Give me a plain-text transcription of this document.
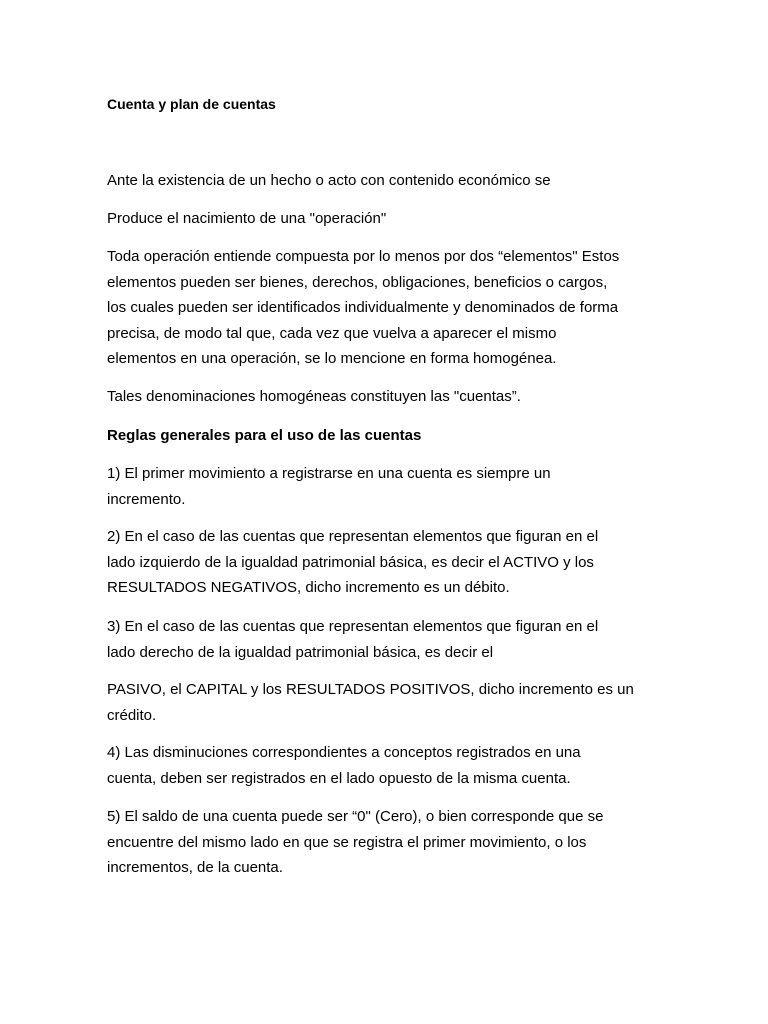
Cuenta y plan de cuentas

Ante la existencia de un hecho o acto con contenido económico se

Produce el nacimiento de una "operación"

Toda operación entiende compuesta por lo menos por dos “elementos" Estos
elementos pueden ser bienes, derechos, obligaciones, beneficios o cargos,
los cuales pueden ser identificados individualmente y denominados de forma
precisa, de modo tal que, cada vez que vuelva a aparecer el mismo
elementos en una operación, se lo mencione en forma homogénea.

Tales denominaciones homogéneas constituyen las "cuentas”.

Reglas generales para el uso de las cuentas

1) El primer movimiento a registrarse en una cuenta es siempre un
incremento.

2) En el caso de las cuentas que representan elementos que figuran en el
lado izquierdo de la igualdad patrimonial básica, es decir el ACTIVO y los
RESULTADOS NEGATIVOS, dicho incremento es un débito.

3) En el caso de las cuentas que representan elementos que figuran en el
lado derecho de la igualdad patrimonial básica, es decir el

PASIVO, el CAPITAL y los RESULTADOS POSITIVOS, dicho incremento es un
crédito.

4) Las disminuciones correspondientes a conceptos registrados en una
cuenta, deben ser registrados en el lado opuesto de la misma cuenta.

5) El saldo de una cuenta puede ser “0" (Cero), o bien corresponde que se
encuentre del mismo lado en que se registra el primer movimiento, o los
incrementos, de la cuenta.
